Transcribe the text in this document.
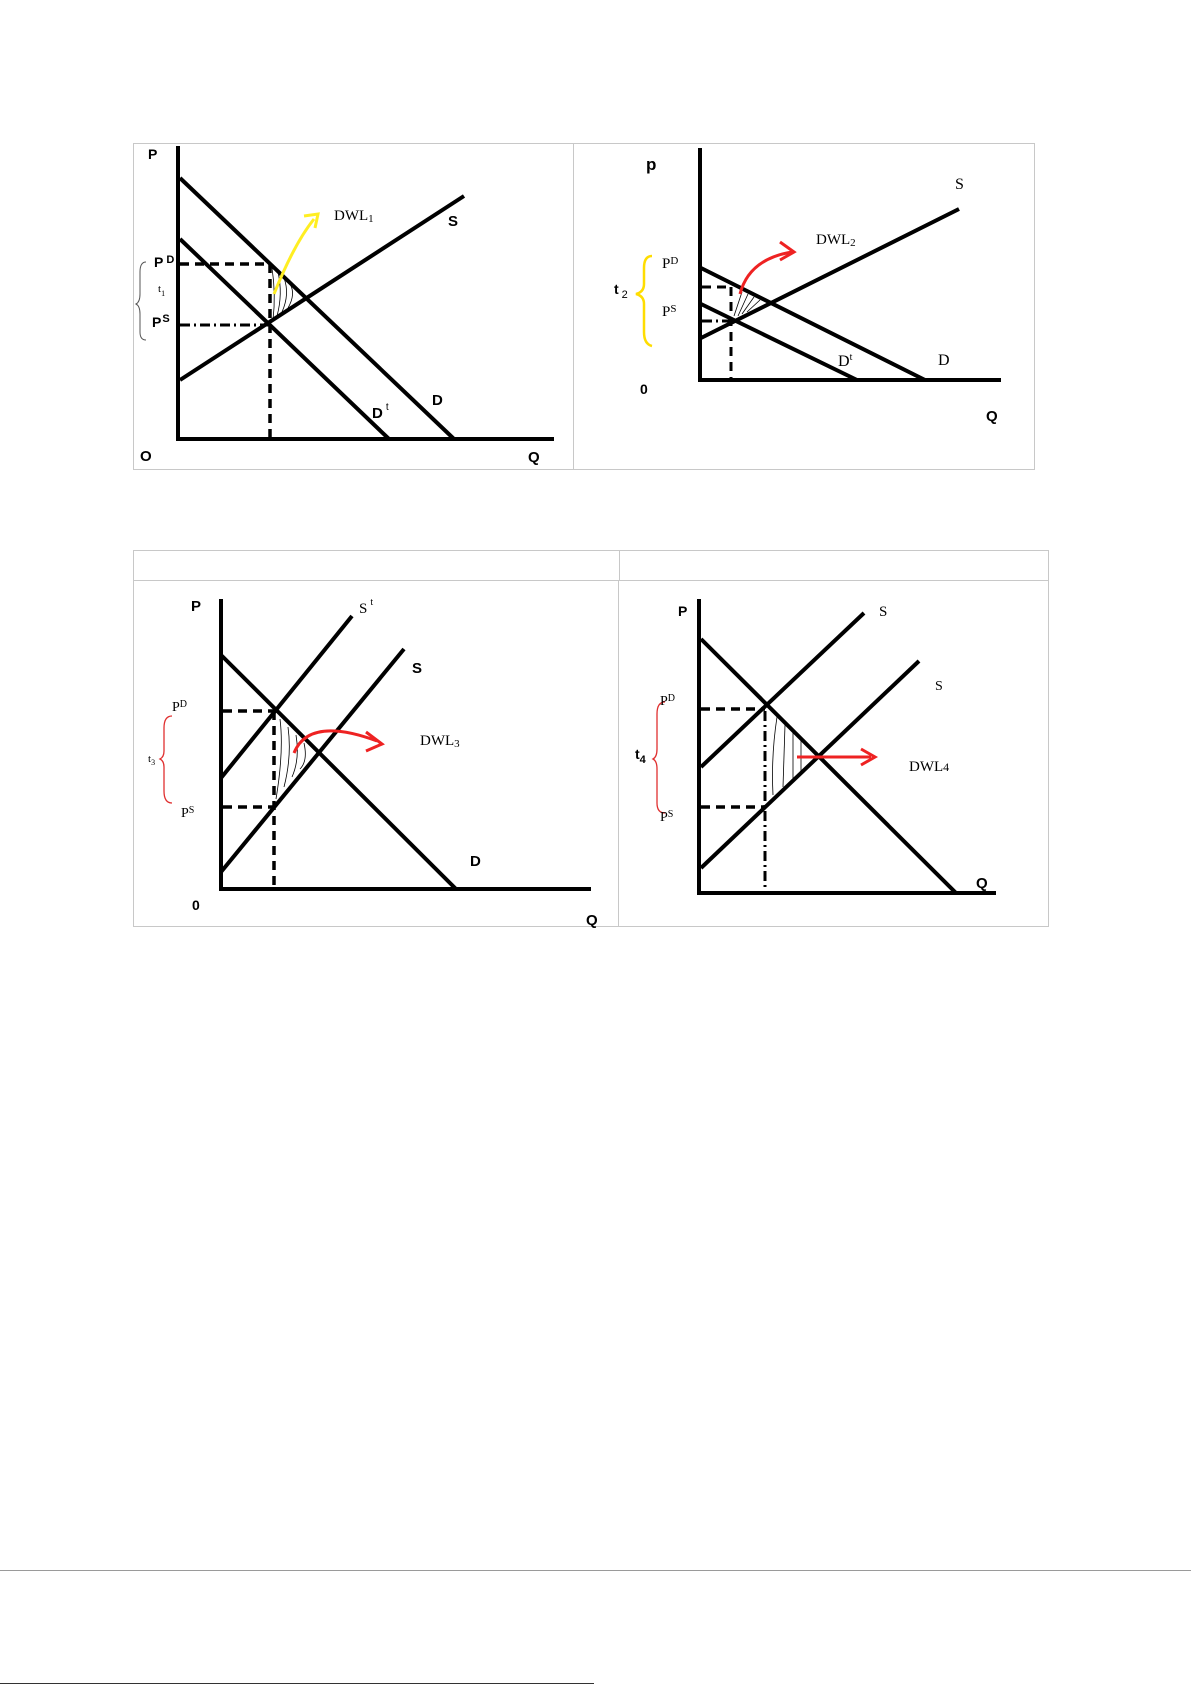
P
Q
O
S
D
D $^t$
P $^D$
$P^S$
$t_1$
DWL1
p
Q
0
S
D
$D^t$
$P^D$
$P^S$
t $_2$
DWL2
P
Q
0
S
S $^t$
D
$P^D$
$P^S$
$t_3$
DWL3
P
Q
S
S
$P^D$
$P^S$
$t_4$	DWL4
